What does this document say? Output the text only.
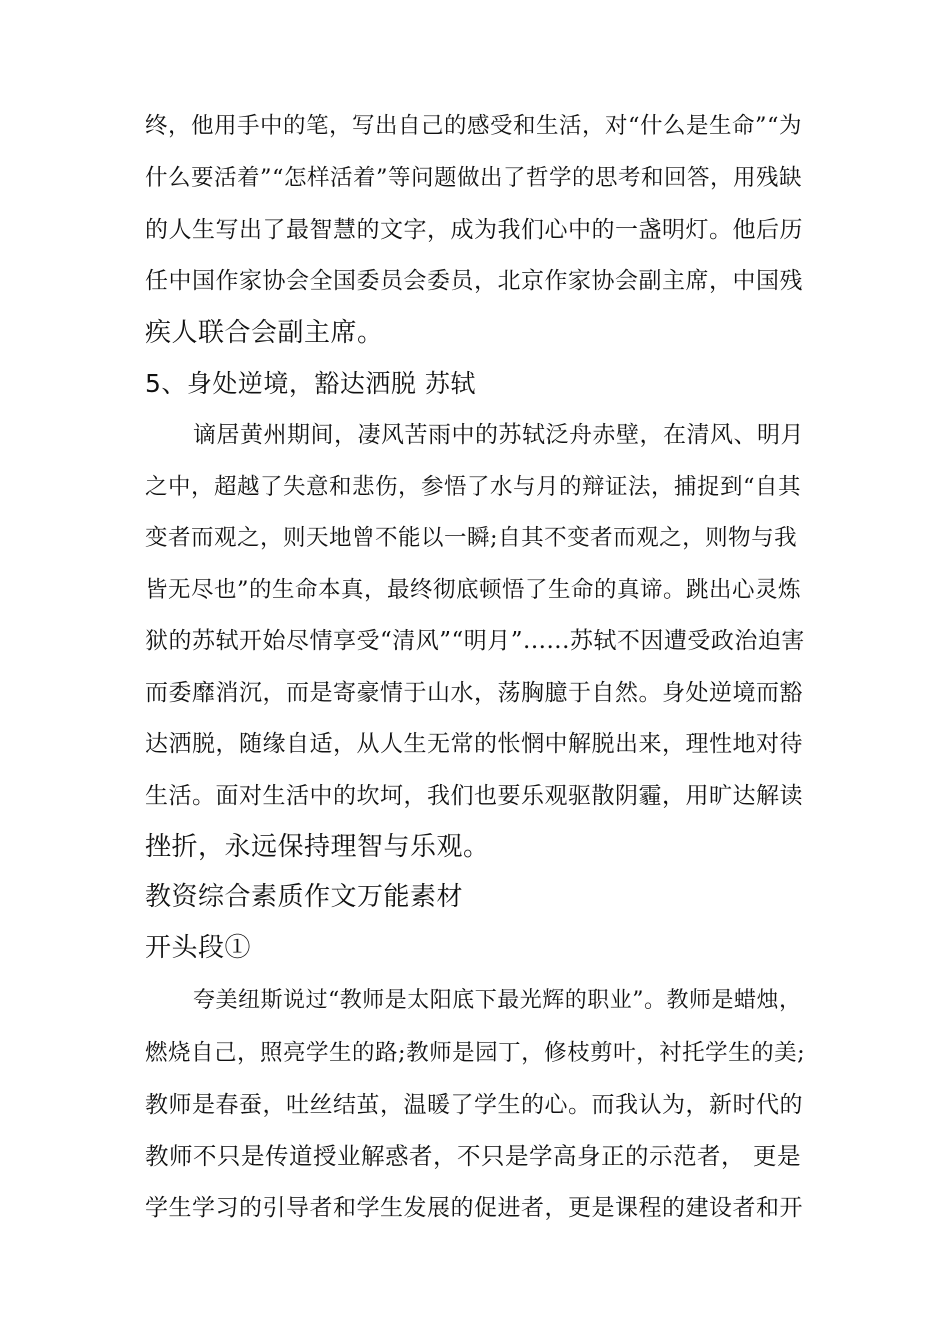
终，他用手中的笔，写出自己的感受和生活，对“什么是生命”“为
什么要活着”“怎样活着”等问题做出了哲学的思考和回答，用残缺
的人生写出了最智慧的文字，成为我们心中的一盏明灯。他后历
任中国作家协会全国委员会委员，北京作家协会副主席，中国残
疾人联合会副主席。
5、身处逆境，豁达洒脱 苏轼
谪居黄州期间，凄风苦雨中的苏轼泛舟赤壁，在清风、明月
之中，超越了失意和悲伤，参悟了水与月的辩证法，捕捉到“自其
变者而观之，则天地曾不能以一瞬;自其不变者而观之，则物与我
皆无尽也”的生命本真，最终彻底顿悟了生命的真谛。跳出心灵炼
狱的苏轼开始尽情享受“清风”“明月”......苏轼不因遭受政治迫害
而委靡消沉，而是寄豪情于山水，荡胸臆于自然。身处逆境而豁
达洒脱，随缘自适，从人生无常的怅惘中解脱出来，理性地对待
生活。面对生活中的坎坷，我们也要乐观驱散阴霾，用旷达解读
挫折，永远保持理智与乐观。
教资综合素质作文万能素材
开头段①
夸美纽斯说过“教师是太阳底下最光辉的职业”。教师是蜡烛，
燃烧自己，照亮学生的路;教师是园丁，修枝剪叶，衬托学生的美;
教师是春蚕，吐丝结茧，温暖了学生的心。而我认为，新时代的
教师不只是传道授业解惑者，不只是学高身正的示范者， 更是
学生学习的引导者和学生发展的促进者，更是课程的建设者和开
